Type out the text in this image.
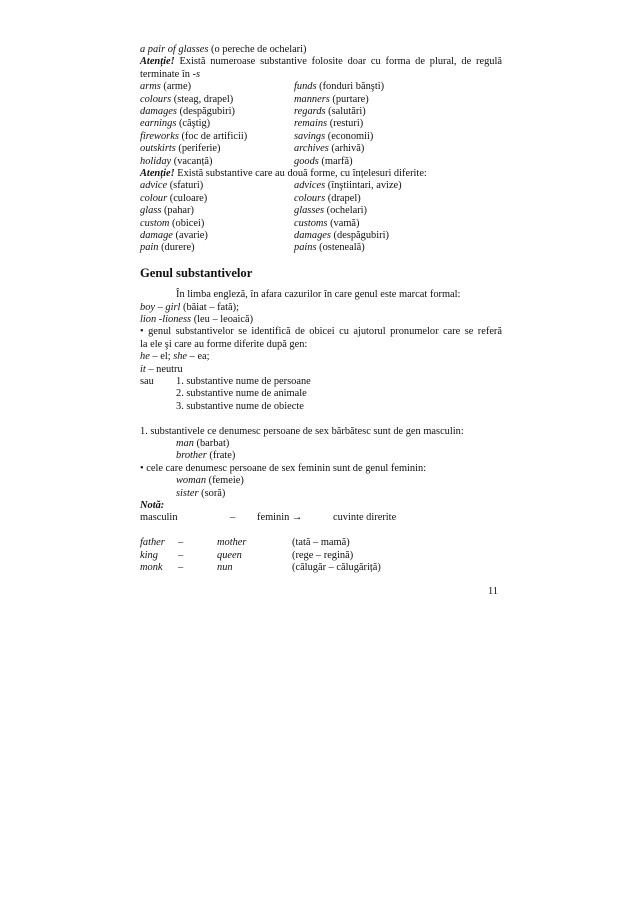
a pair of glasses (o pereche de ochelari)
Atenție! Există numeroase substantive folosite doar cu forma de plural, de regulă
terminate în -s
arms (arme)	funds (fonduri bănşti)
colours (steag, drapel)	manners (purtare)
damages (despăgubiri)	regards (salutări)
earnings (câştig)	remains (resturi)
fireworks (foc de artificii)	savings (economii)
outskirts (periferie)	archives (arhivă)
holiday (vacanță)	goods (marfă)
Atenție! Există substantive care au două forme, cu înțelesuri diferite:
advice (sfaturi)	advices (înştiintari, avize)
colour (culoare)	colours (drapel)
glass (pahar)	glasses (ochelari)
custom (obicei)	customs (vamă)
damage (avarie)	damages (despăgubiri)
pain (durere)	pains (osteneală)
Genul substantivelor
În limba engleză, în afara cazurilor în care genul este marcat formal:
boy – girl (băiat – fată);
lion -lioness (leu – leoaică)
• genul substantivelor se identifică de obicei cu ajutorul pronumelor care se referă
la ele şi care au forme diferite după gen:
he – el; she – ea;
it – neutru
sau 1. substantive nume de persoane
2. substantive nume de animale
3. substantive nume de obiecte
1. substantivele ce denumesc persoane de sex bărbătesc sunt de gen masculin:
man (barbat)
brother (frate)
• cele care denumesc persoane de sex feminin sunt de genul feminin:
woman (femeie)
sister (soră)
Notă:
masculin	– feminin →	cuvinte direrite
father –	mother	(tată – mamă)
king –	queen	(rege – regină)
monk –	nun	(călugăr – călugăriță)
11
